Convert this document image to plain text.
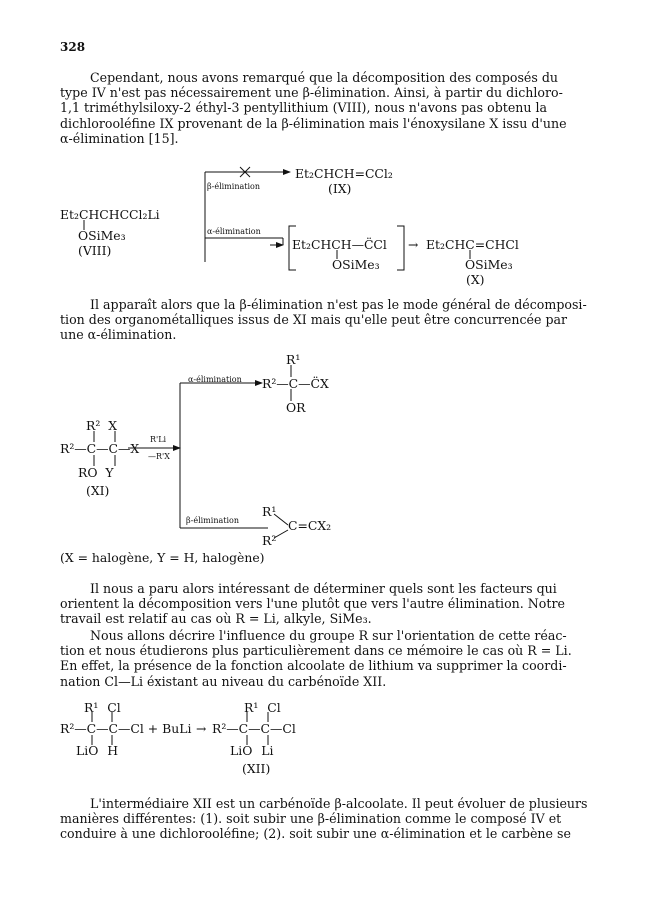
328
Cependant, nous avons remarqué que la décomposition des composés du
type IV n'est pas nécessairement une β-élimination. Ainsi, à partir du dichloro-
1,1 triméthylsiloxy-2 éthyl-3 pentyllithium (VIII), nous n'avons pas obtenu la
dichlorooléfine IX provenant de la β-élimination mais l'énoxysilane X issu d'une
α-élimination [15].
Et₂CHCHCCl₂Li
OSiMe₃
(VIII)
β-élimination
Et₂CHCH=CCl₂
(IX)
α-élimination
Et₂CHCH—C̈Cl
OSiMe₃
→ Et₂CHC=CHCl
OSiMe₃
(X)
Il apparaît alors que la β-élimination n'est pas le mode général de décomposi-
tion des organométalliques issus de XI mais qu'elle peut être concurrencée par
une α-élimination.
R¹
α-élimination R²—C—C̈X
OR
R² X
R²—C—C—X
RO Y
(XI)
R'Li
—R'X
R¹
β-élimination	C=CX₂
R²
(X = halogène, Y = H, halogène)
Il nous a paru alors intéressant de déterminer quels sont les facteurs qui
orientent la décomposition vers l'une plutôt que vers l'autre élimination. Notre
travail est relatif au cas où R = Li, alkyle, SiMe₃.
Nous allons décrire l'influence du groupe R sur l'orientation de cette réac-
tion et nous étudierons plus particulièrement dans ce mémoire le cas où R = Li.
En effet, la présence de la fonction alcoolate de lithium va supprimer la coordi-
nation Cl—Li éxistant au niveau du carbénoïde XII.
R¹ Cl
R²—C—C—Cl + BuLi
LiO H
→
R¹ Cl
R²—C—C—Cl
LiO Li
(XII)
L'intermédiaire XII est un carbénoïde β-alcoolate. Il peut évoluer de plusieurs
manières différentes: (1). soit subir une β-élimination comme le composé IV et
conduire à une dichlorooléfine; (2). soit subir une α-élimination et le carbène se
